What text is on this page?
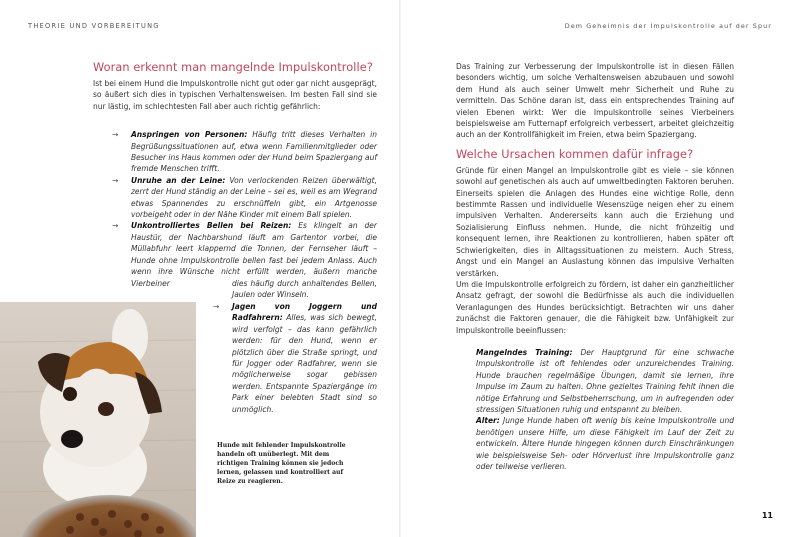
THEORIE UND VORBEREITUNG	Dem Geheimnis der Impulskontrolle auf der Spur
Woran erkennt man mangelnde Impulskontrolle?

Ist bei einem Hund die Impulskontrolle nicht gut oder gar nicht ausgeprägt, so äußert sich dies in typischen Verhaltensweisen. Im besten Fall sind sie nur lästig, im schlechtesten Fall aber auch richtig gefährlich:

→ Anspringen von Personen: Häufig tritt dieses Verhalten in Begrüßungssituationen auf, etwa wenn Familienmitglieder oder Besucher ins Haus kommen oder der Hund beim Spaziergang auf fremde Menschen trifft.

→ Unruhe an der Leine: Von verlockenden Reizen überwältigt, zerrt der Hund ständig an der Leine – sei es, weil es am Wegrand etwas Spannendes zu erschnüffeln gibt, ein Artgenosse vorbeigeht oder in der Nähe Kinder mit einem Ball spielen.

→ Unkontrolliertes Bellen bei Reizen: Es klingelt an der Haustür, der Nachbarshund läuft am Gartentor vorbei, die Müllabfuhr leert klappernd die Tonnen, der Fernseher läuft – Hunde ohne Impulskontrolle bellen fast bei jedem Anlass. Auch wenn ihre Wünsche nicht erfüllt werden, äußern manche Vierbeiner	dies häufig durch anhaltendes Bellen, Jaulen oder Winseln.

→ Jagen von Joggern und Radfahrern: Alles, was sich bewegt, wird verfolgt – das kann gefährlich werden: für den Hund, wenn er plötzlich über die Straße springt, und für Jogger oder Radfahrer, wenn sie möglicherweise sogar gebissen werden. Entspannte Spaziergänge im Park einer belebten Stadt sind so unmöglich.

Hunde mit fehlender Impulskontrolle handeln oft unüberlegt. Mit dem richtigen Training können sie jedoch lernen, gelassen und kontrolliert auf Reize zu reagieren.

Das Training zur Verbesserung der Impulskontrolle ist in diesen Fällen besonders wichtig, um solche Verhaltensweisen abzubauen und sowohl dem Hund als auch seiner Umwelt mehr Sicherheit und Ruhe zu vermitteln. Das Schöne daran ist, dass ein entsprechendes Training auf vielen Ebenen wirkt: Wer die Impulskontrolle seines Vierbeiners beispielsweise am Futternapf erfolgreich verbessert, arbeitet gleichzeitig auch an der Kontrollfähigkeit im Freien, etwa beim Spaziergang.

Welche Ursachen kommen dafür infrage?

Gründe für einen Mangel an Impulskontrolle gibt es viele – sie können sowohl auf genetischen als auch auf umweltbedingten Faktoren beruhen. Einerseits spielen die Anlagen des Hundes eine wichtige Rolle, denn bestimmte Rassen und individuelle Wesenszüge neigen eher zu einem impulsiven Verhalten. Andererseits kann auch die Erziehung und Sozialisierung Einfluss nehmen. Hunde, die nicht frühzeitig und konsequent lernen, ihre Reaktionen zu kontrollieren, haben später oft Schwierigkeiten, dies in Alltagssituationen zu meistern. Auch Stress, Angst und ein Mangel an Auslastung können das impulsive Verhalten verstärken.

Um die Impulskontrolle erfolgreich zu fördern, ist daher ein ganzheitlicher Ansatz gefragt, der sowohl die Bedürfnisse als auch die individuellen Veranlagungen des Hundes berücksichtigt. Betrachten wir uns daher zunächst die Faktoren genauer, die die Fähigkeit bzw. Unfähigkeit zur Impulskontrolle beeinflussen:

Mangelndes Training: Der Hauptgrund für eine schwache Impulskontrolle ist oft fehlendes oder unzureichendes Training. Hunde brauchen regelmäßige Übungen, damit sie lernen, ihre Impulse im Zaum zu halten. Ohne gezieltes Training fehlt ihnen die nötige Erfahrung und Selbstbeherrschung, um in aufregenden oder stressigen Situationen ruhig und entspannt zu bleiben.

Alter: Junge Hunde haben oft wenig bis keine Impulskontrolle und benötigen unsere Hilfe, um diese Fähigkeit im Lauf der Zeit zu entwickeln. Ältere Hunde hingegen können durch Einschränkungen wie beispielsweise Seh- oder Hörverlust ihre Impulskontrolle ganz oder teilweise verlieren.

11
